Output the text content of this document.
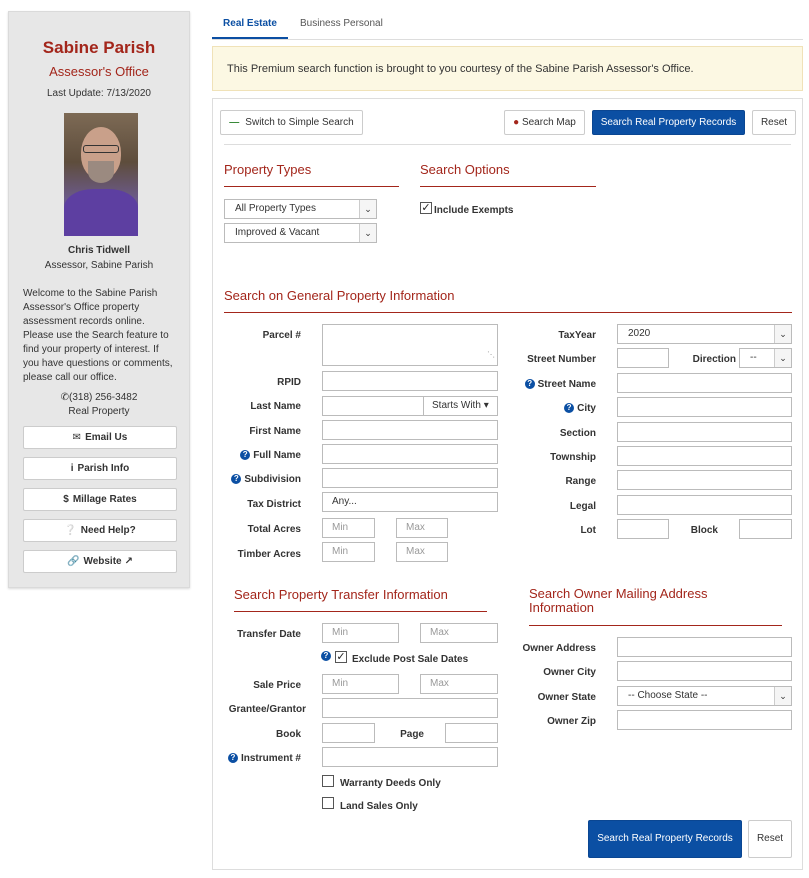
Sabine Parish
Assessor's Office
Last Update: 7/13/2020
Chris Tidwell
Assessor, Sabine Parish
Welcome to the Sabine Parish Assessor's Office property assessment records online. Please use the Search feature to find your property of interest. If you have questions or comments, please call our office.
✆(318) 256-3482
Real Property
✉ Email Us
i Parish Info
$ Millage Rates
❔ Need Help?
🔗 Website ↗
Real Estate	Business Personal
This Premium search function is brought to you courtesy of the Sabine Parish Assessor's Office.
— Switch to Simple Search	● Search Map	Search Real Property Records	Reset
Property Types
All Property Types	⌄
Improved & Vacant	⌄
Search Options
✓ Include Exempts
Search on General Property Information
Parcel #
⋱
RPID
Last Name	Starts With ▾
First Name
? Full Name
? Subdivision
Tax District	Any...
Total Acres	Min	Max
Timber Acres	Min	Max
TaxYear	2020	⌄
Street Number	Direction	--	⌄
? Street Name
? City
Section
Township
Range
Legal
Lot	Block
Search Property Transfer Information
Transfer Date	Min	Max
? ✓ Exclude Post Sale Dates
Sale Price	Min	Max
Grantee/Grantor
Book	Page
? Instrument #
Warranty Deeds Only
Land Sales Only
Search Owner Mailing Address Information
Owner Address
Owner City
Owner State	-- Choose State --	⌄
Owner Zip
Search Real Property Records	Reset
